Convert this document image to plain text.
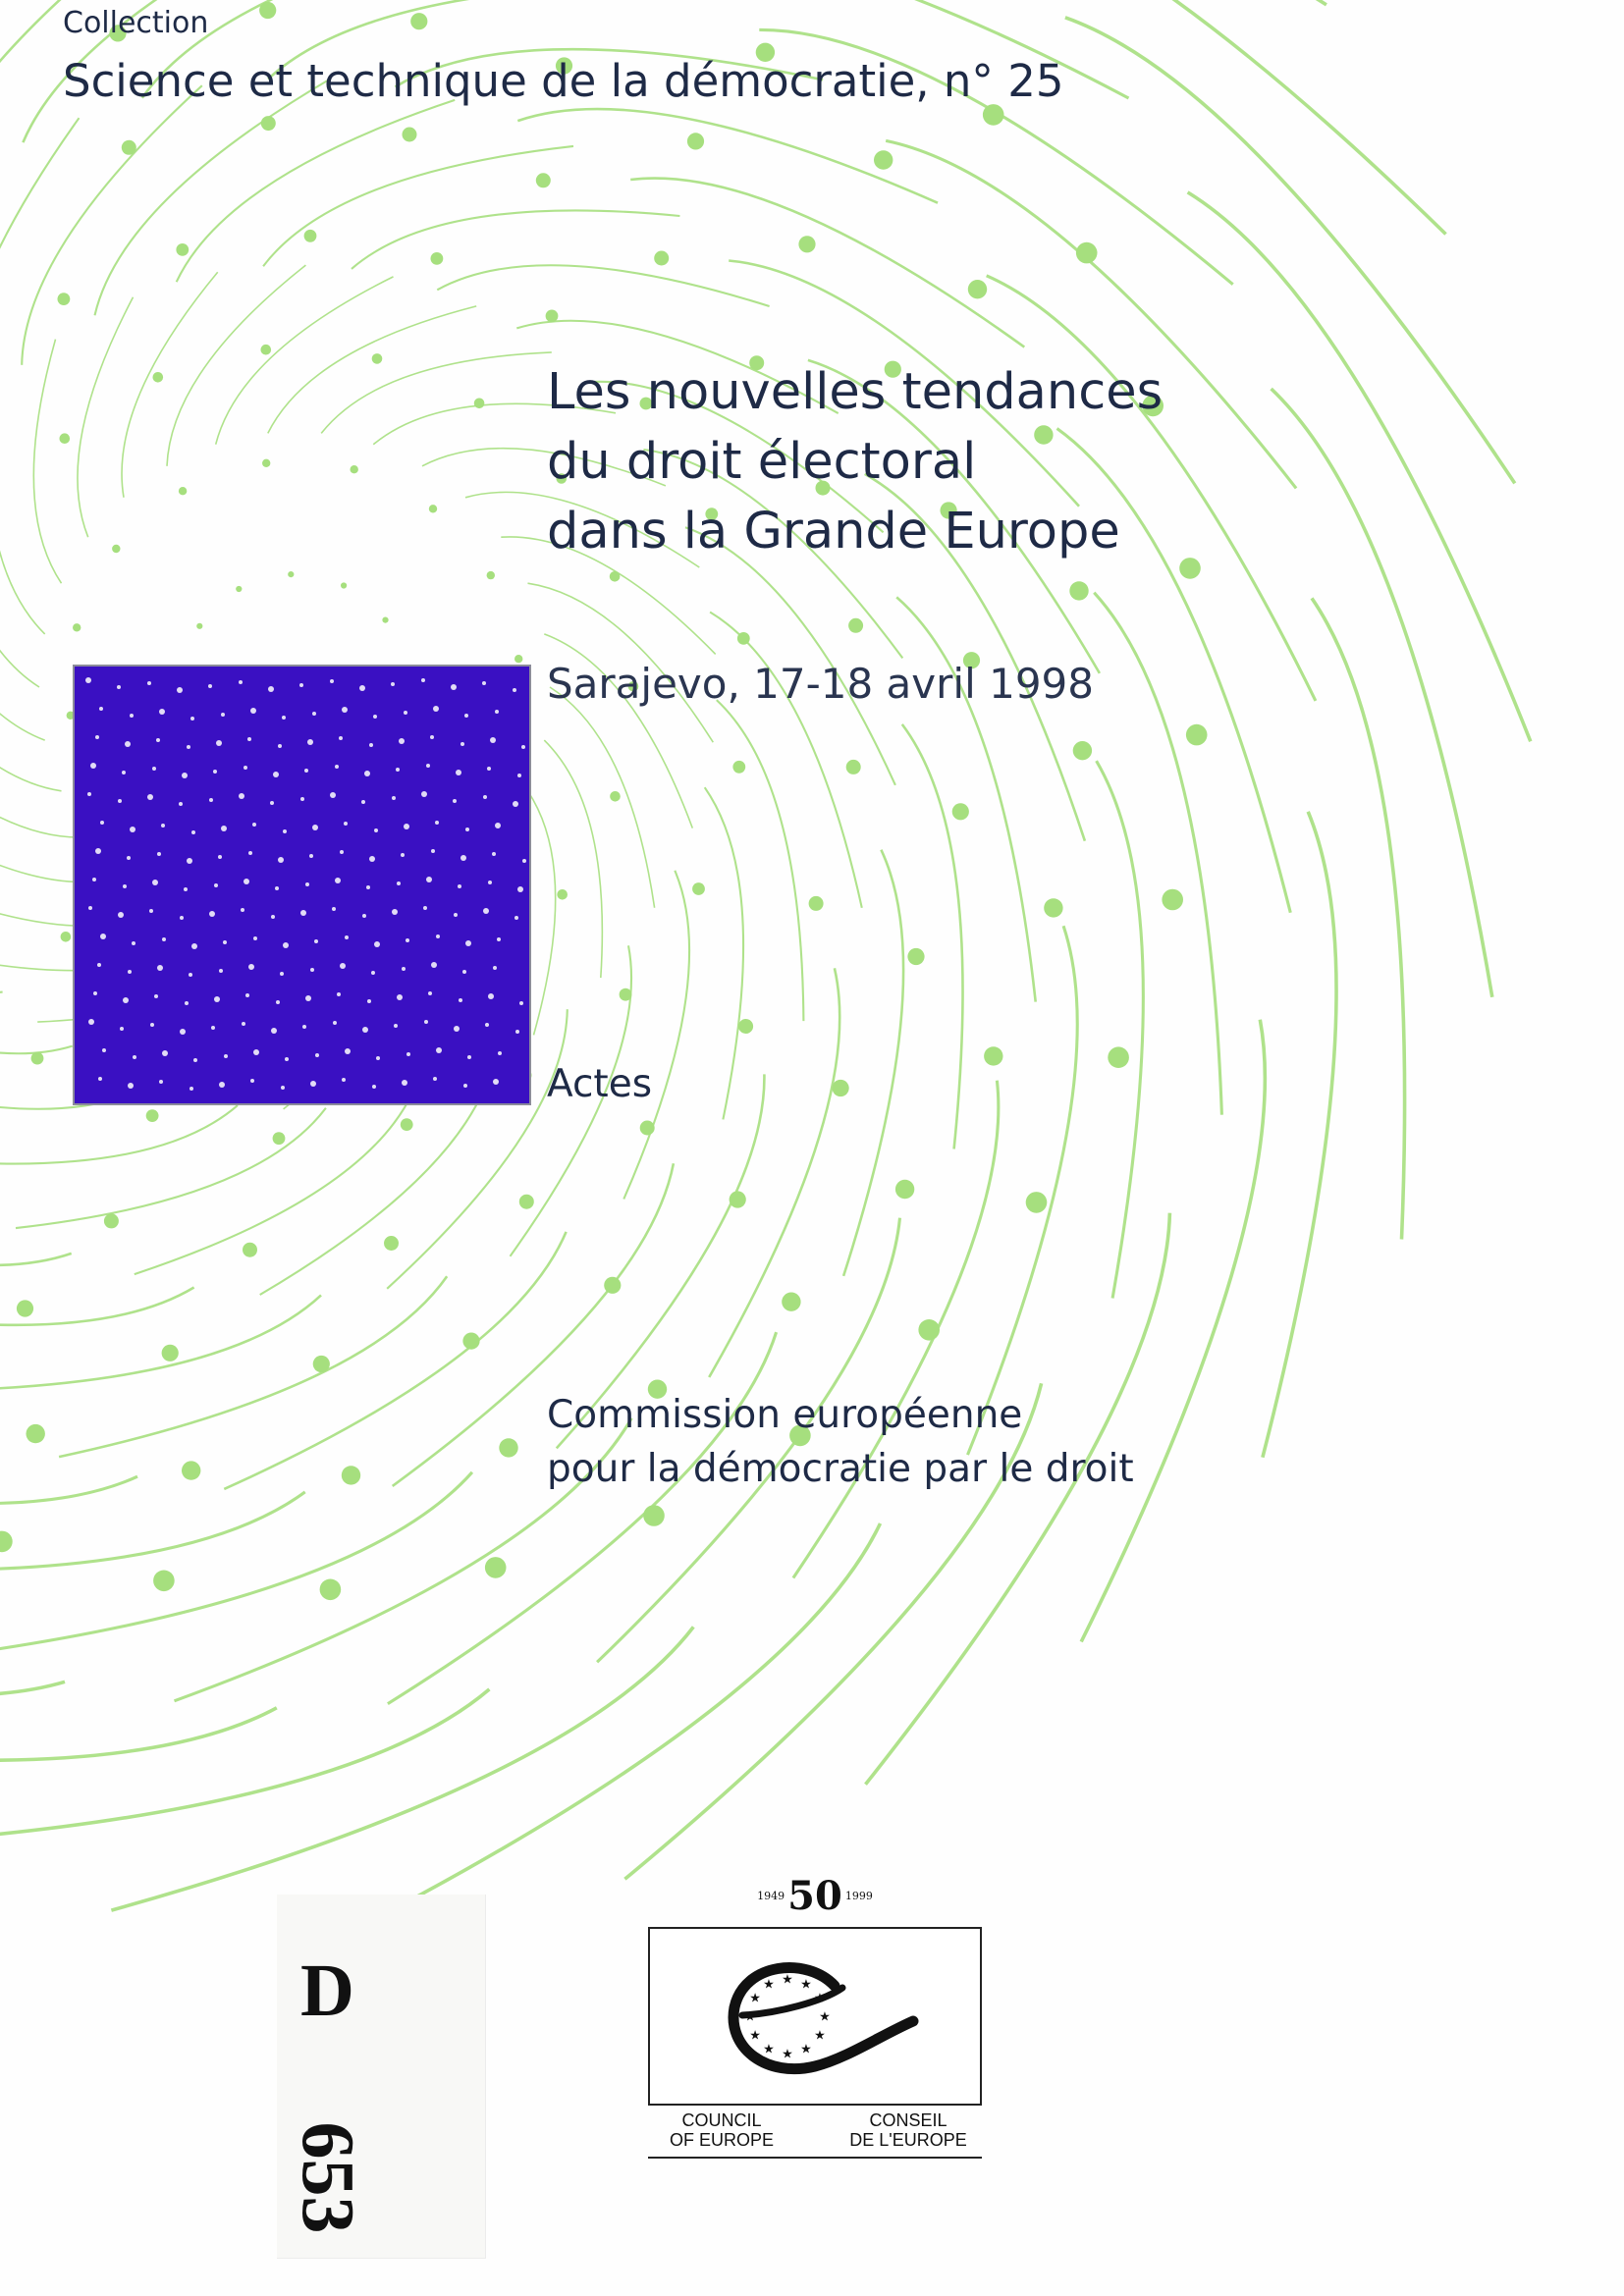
Collection

Science et technique de la démocratie, n° 25

Les nouvelles tendances
du droit électoral
dans la Grande Europe

Sarajevo, 17-18 avril 1998

Actes

Commission européenne
pour la démocratie par le droit
D
653
194950 1999
★
★
★
★
★
★
★
★
★ ★ ★
★
COUNCIL
OF EUROPE
CONSEIL
DE L'EUROPE
